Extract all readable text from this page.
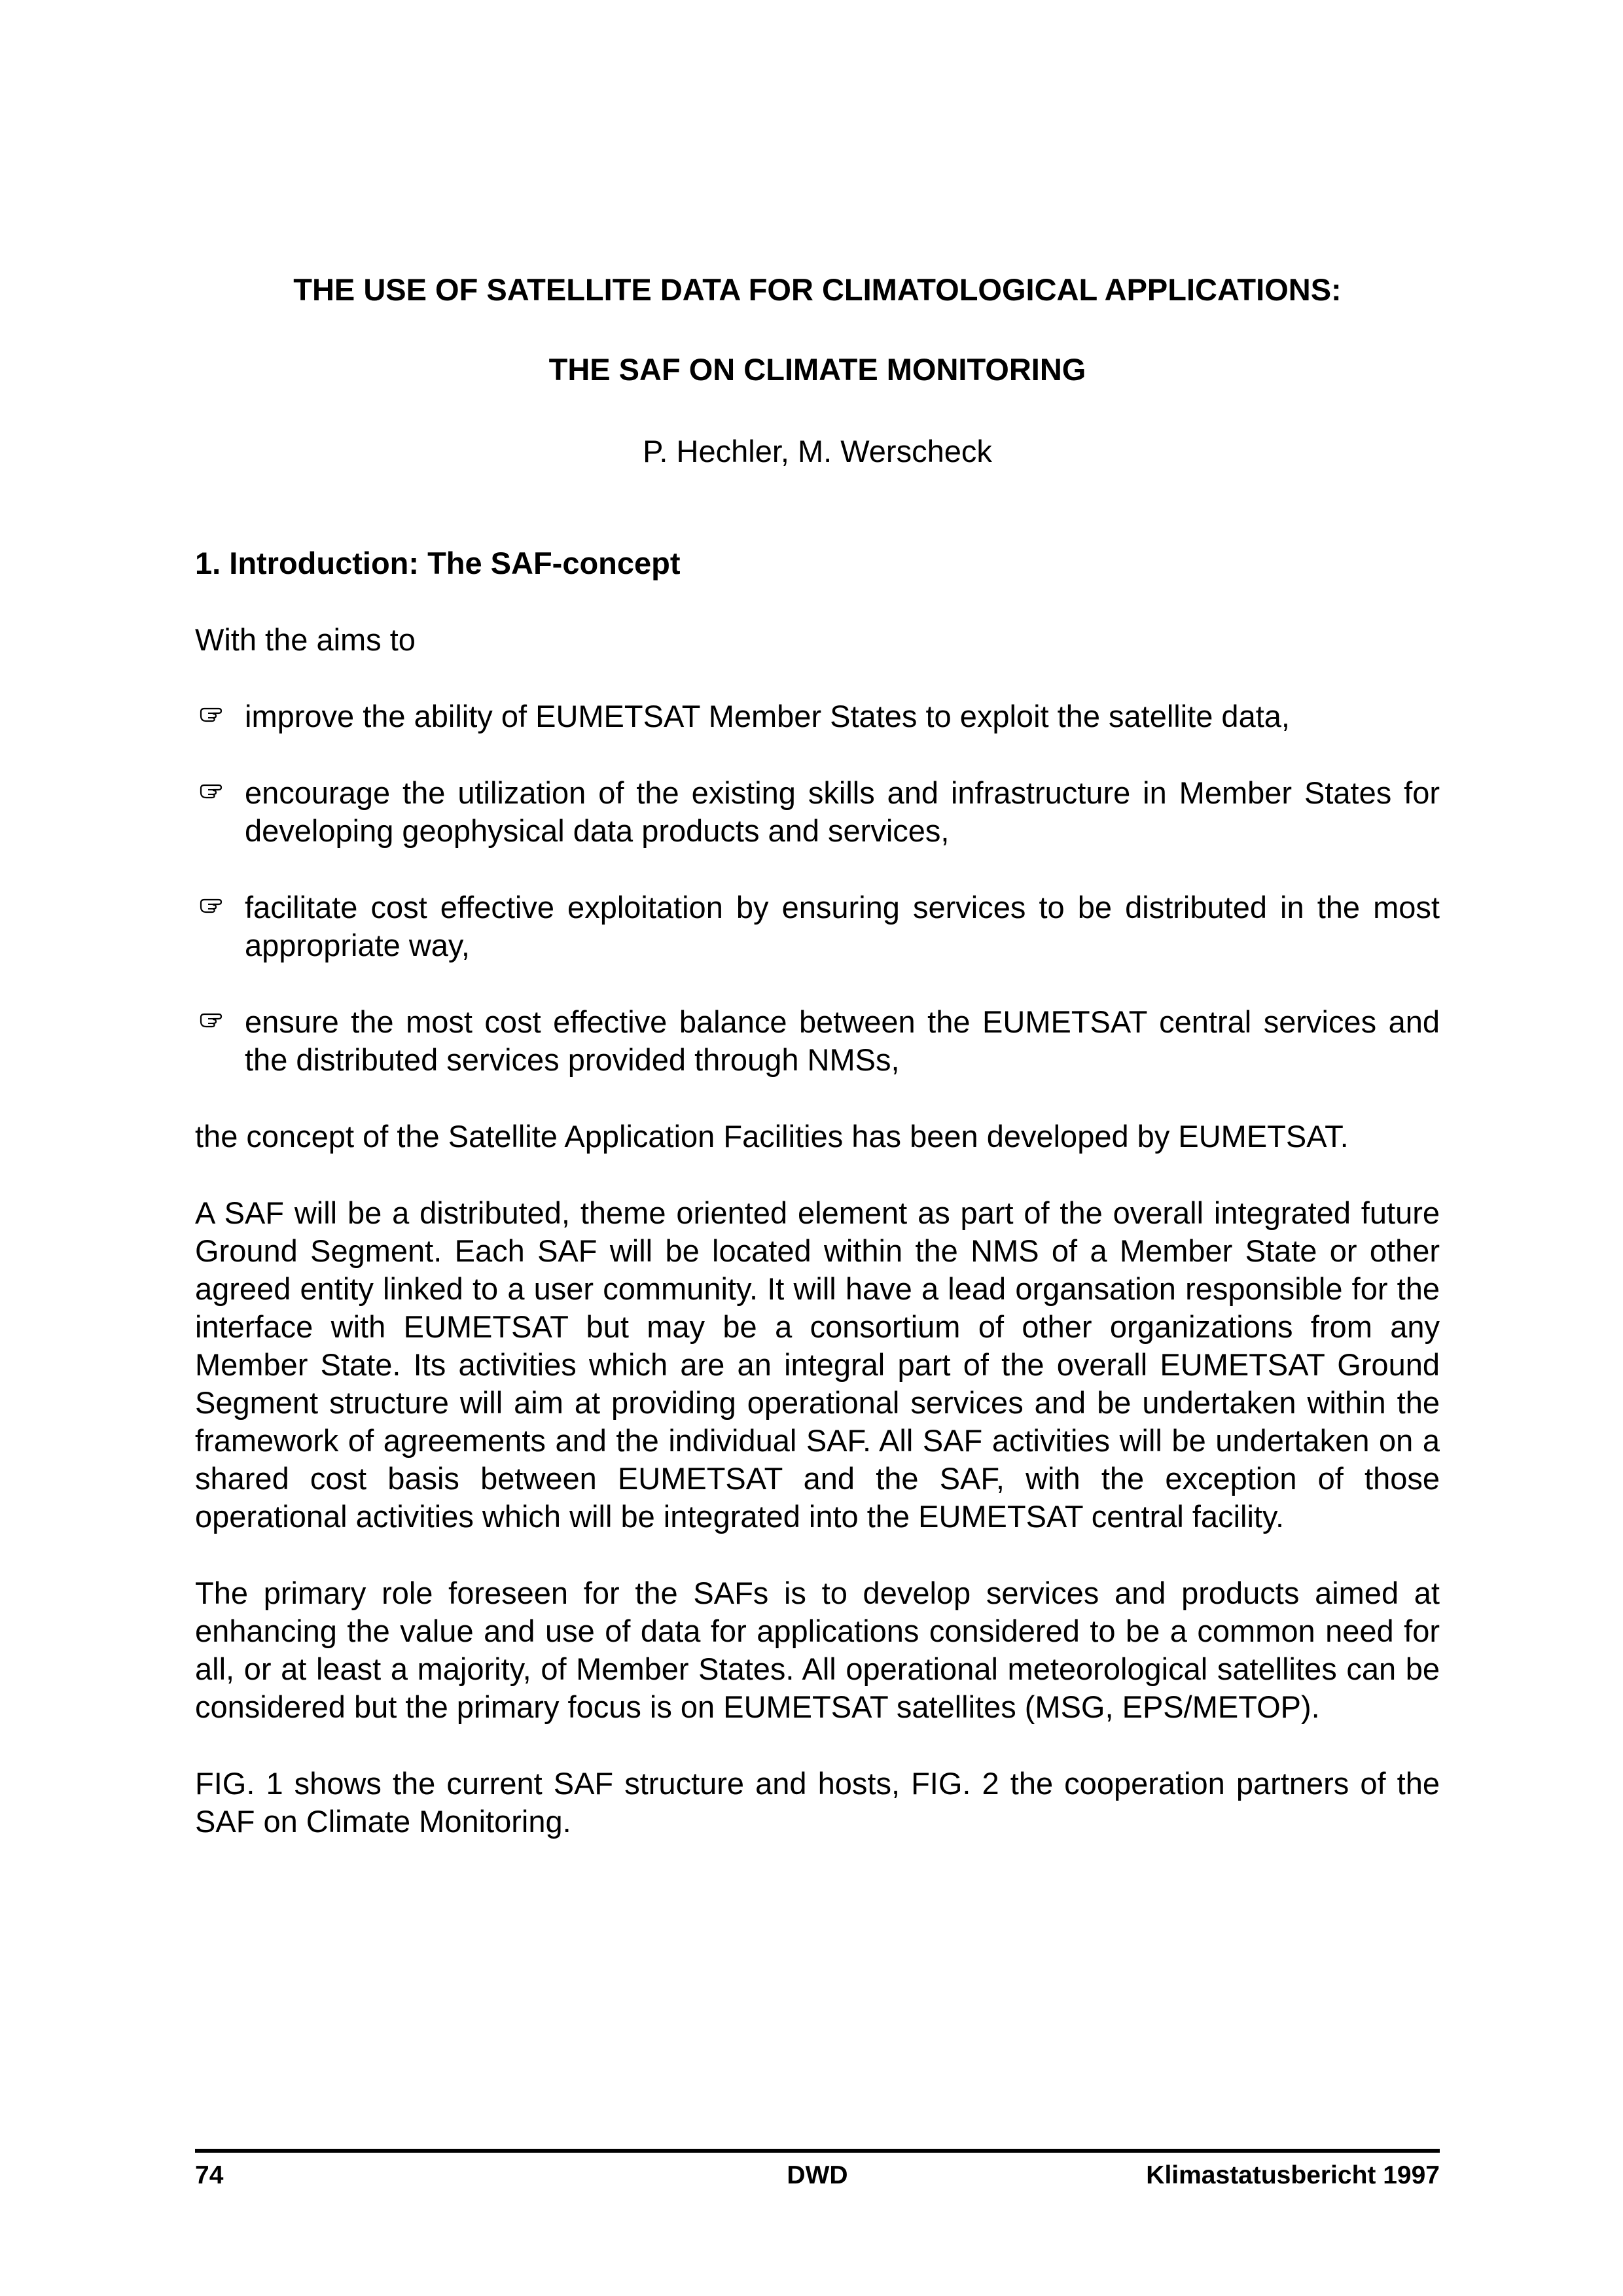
THE USE OF SATELLITE DATA FOR CLIMATOLOGICAL APPLICATIONS:
THE SAF ON CLIMATE MONITORING
P. Hechler, M. Werscheck
1. Introduction: The SAF-concept
With the aims to
improve the ability of EUMETSAT Member States to exploit the satellite data,
encourage the utilization of the existing skills and infrastructure in Member States for developing geophysical data products and services,
facilitate cost effective exploitation by ensuring services to be distributed in the most appropriate way,
ensure the most cost effective balance between the EUMETSAT central services and the distributed services provided through NMSs,
the concept of the Satellite Application Facilities has been developed by EUMETSAT.
A SAF will be a distributed, theme oriented element as part of the overall integrated future Ground Segment. Each SAF will be located within the NMS of a Member State or other agreed entity linked to a user community. It will have a lead organsation responsible for the interface with EUMETSAT but may be a consortium of other organizations from any Member State. Its activities which are an integral part of the overall EUMETSAT Ground Segment structure will aim at providing operational services and be undertaken within the framework of agreements and the individual SAF. All SAF activities will be undertaken on a shared cost basis between EUMETSAT and the SAF, with the exception of those operational activities which will be integrated into the EUMETSAT central facility.
The primary role foreseen for the SAFs is to develop services and products aimed at enhancing the value and use of data for applications considered to be a common need for all, or at least a majority, of Member States. All operational meteorological satellites can be considered but the primary focus is on EUMETSAT satellites (MSG, EPS/METOP).
FIG. 1 shows the current SAF structure and hosts, FIG. 2 the cooperation partners of the SAF on Climate Monitoring.
74	DWD	Klimastatusbericht 1997
